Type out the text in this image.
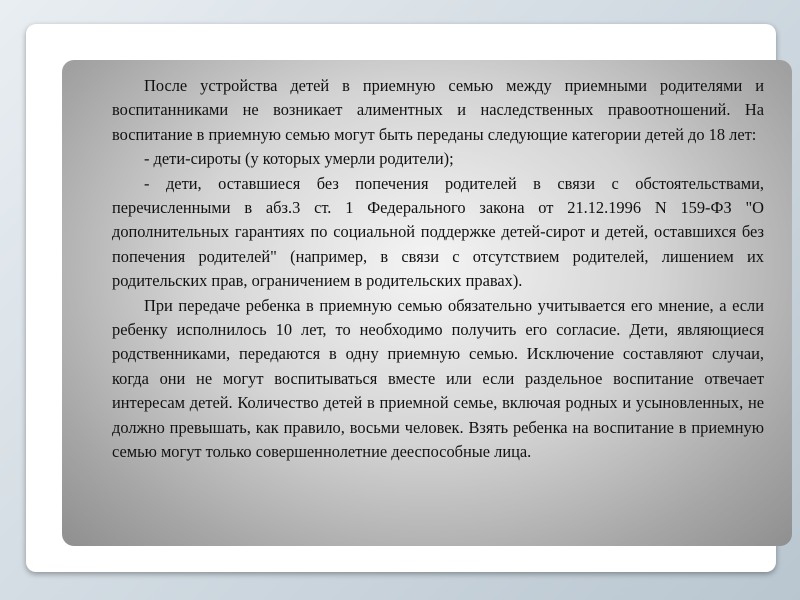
После устройства детей в приемную семью между приемными родителями и воспитанниками не возникает алиментных и наследственных правоотношений. На воспитание в приемную семью могут быть переданы следующие категории детей до 18 лет:

- дети-сироты (у которых умерли родители);

- дети, оставшиеся без попечения родителей в связи с обстоятельствами, перечисленными в абз.3 ст. 1 Федерального закона от 21.12.1996 N 159-ФЗ "О дополнительных гарантиях по социальной поддержке детей-сирот и детей, оставшихся без попечения родителей" (например, в связи с отсутствием родителей, лишением их родительских прав, ограничением в родительских правах).

При передаче ребенка в приемную семью обязательно учитывается его мнение, а если ребенку исполнилось 10 лет, то необходимо получить его согласие. Дети, являющиеся родственниками, передаются в одну приемную семью. Исключение составляют случаи, когда они не могут воспитываться вместе или если раздельное воспитание отвечает интересам детей. Количество детей в приемной семье, включая родных и усыновленных, не должно превышать, как правило, восьми человек. Взять ребенка на воспитание в приемную семью могут только совершеннолетние дееспособные лица.
